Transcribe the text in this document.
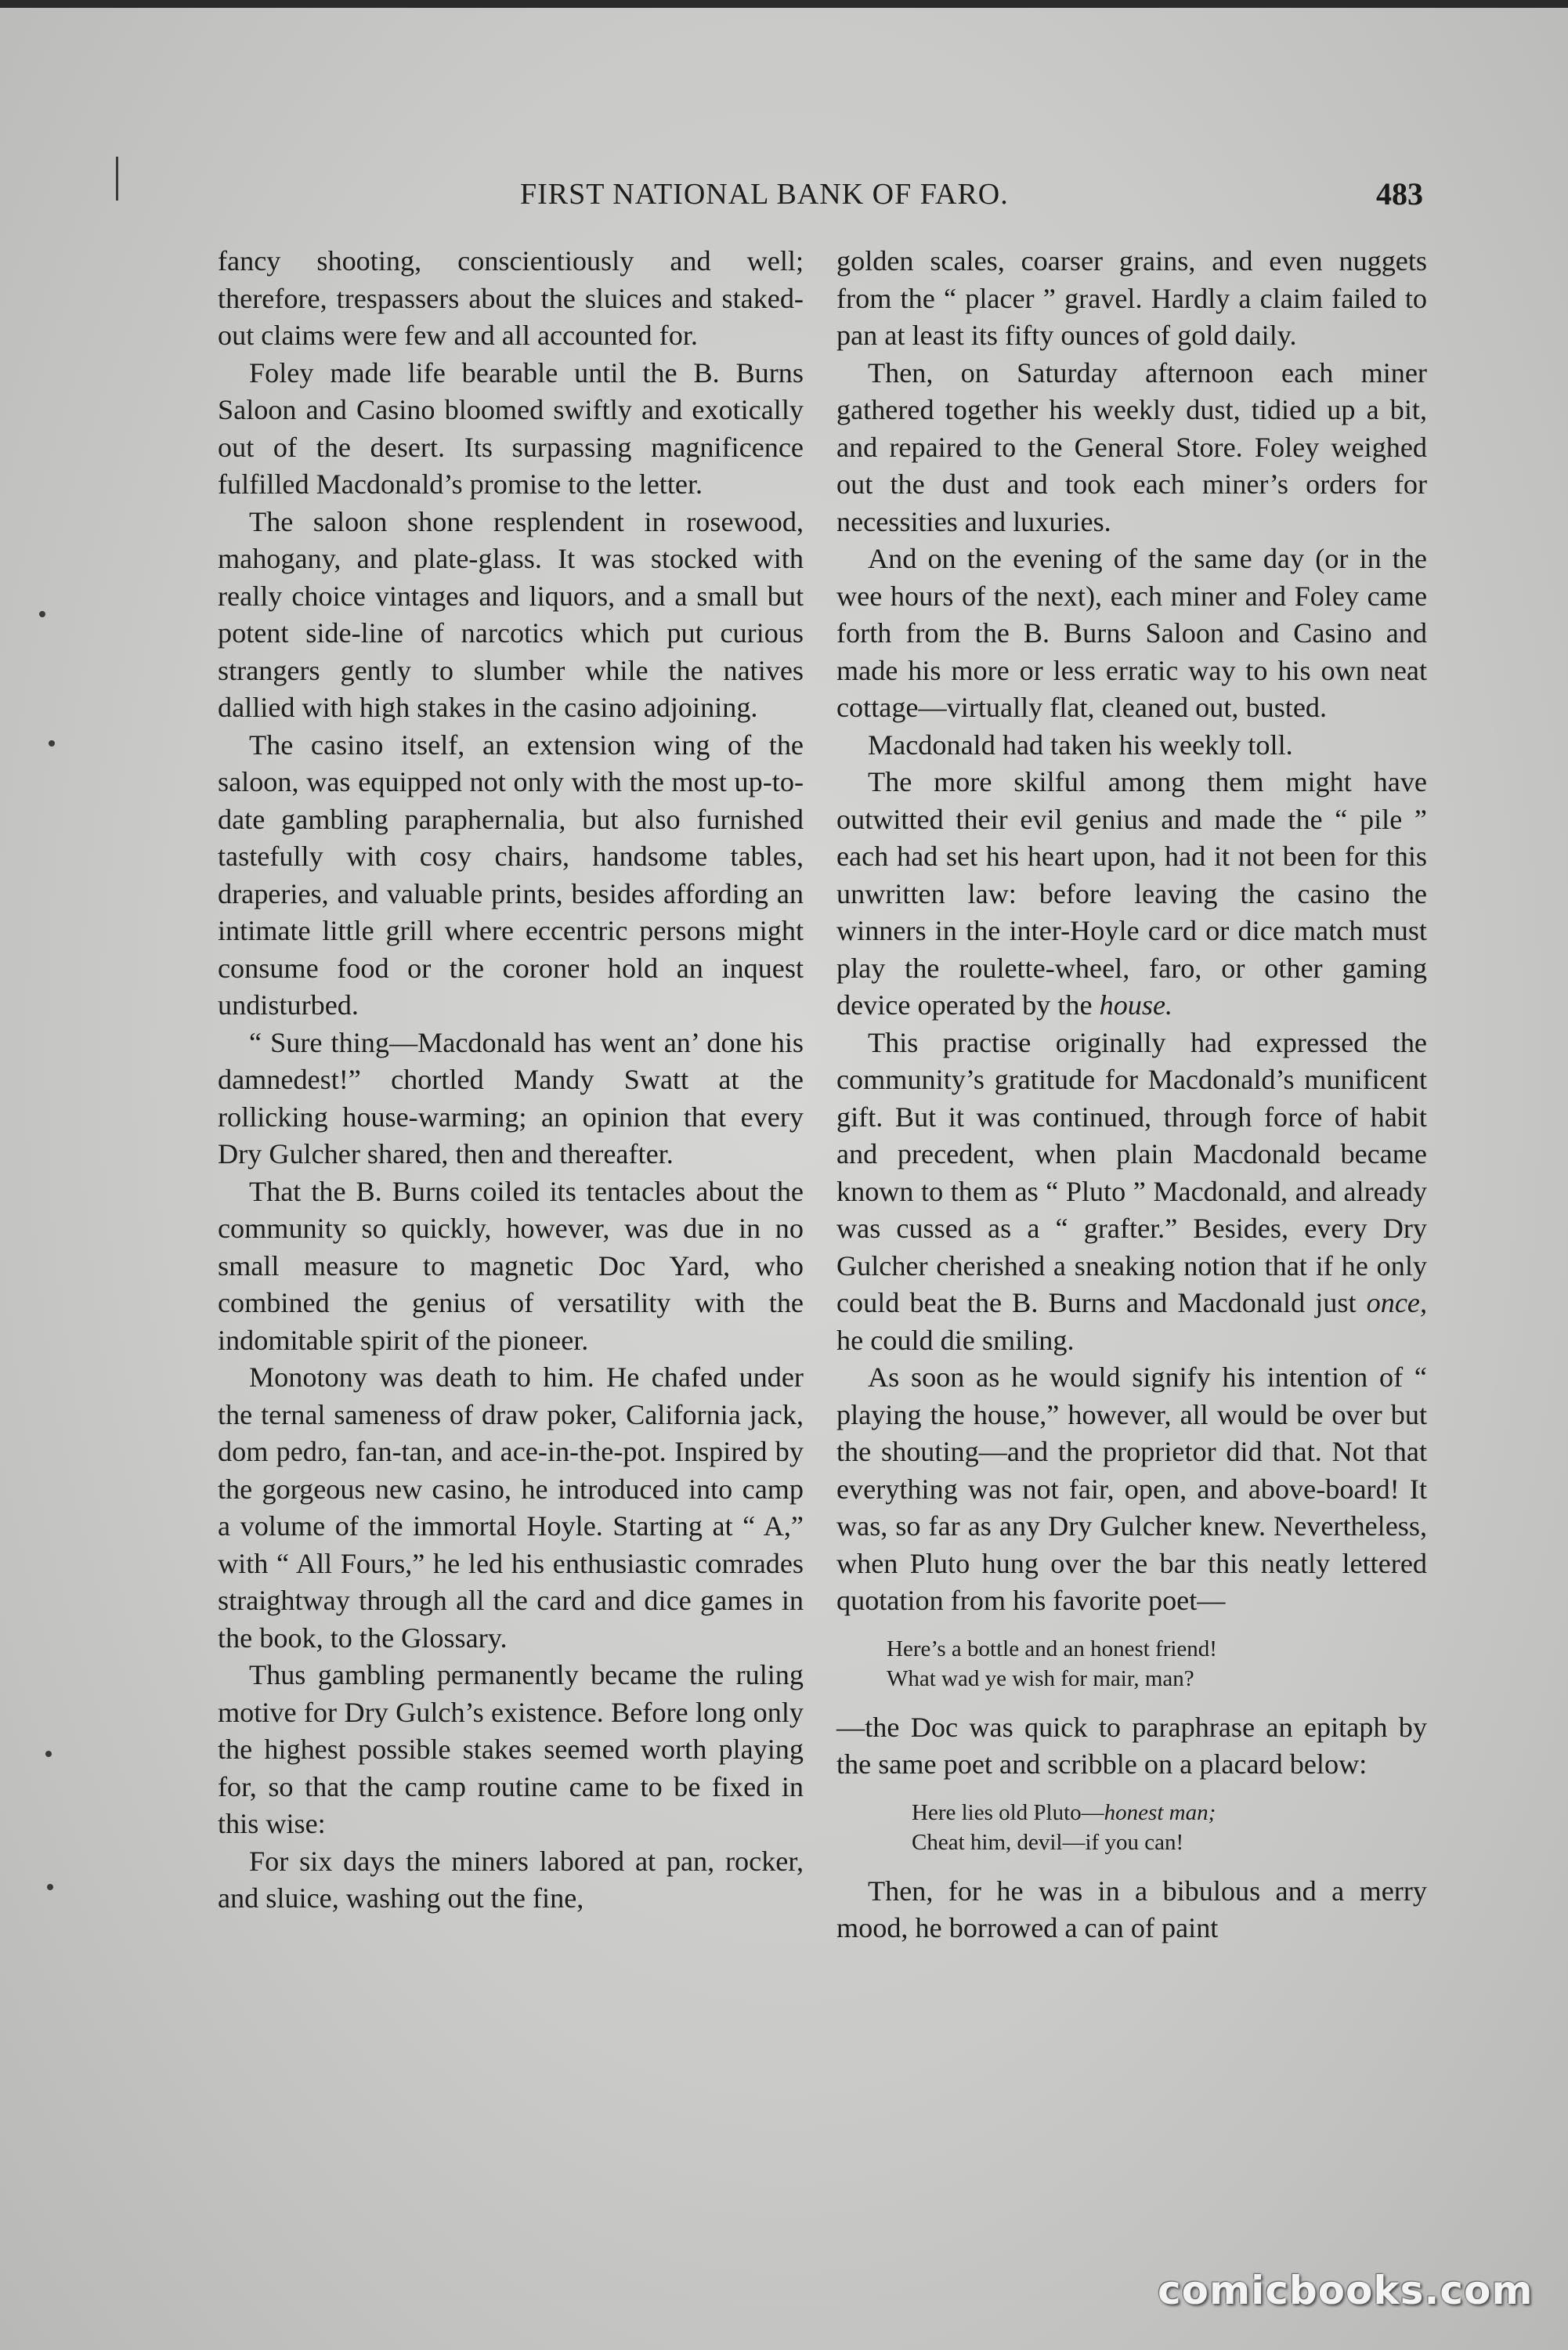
FIRST NATIONAL BANK OF FARO.	483

fancy shooting, conscientiously and well; therefore, trespassers about the sluices and staked-out claims were few and all accounted for.

Foley made life bearable until the B. Burns Saloon and Casino bloomed swiftly and exotically out of the desert. Its surpassing magnificence fulfilled Macdonald’s promise to the letter.

The saloon shone resplendent in rosewood, mahogany, and plate-glass. It was stocked with really choice vintages and liquors, and a small but potent side-line of narcotics which put curious strangers gently to slumber while the natives dallied with high stakes in the casino adjoining.

The casino itself, an extension wing of the saloon, was equipped not only with the most up-to-date gambling paraphernalia, but also furnished tastefully with cosy chairs, handsome tables, draperies, and valuable prints, besides affording an intimate little grill where eccentric persons might consume food or the coroner hold an inquest undisturbed.

“ Sure thing—Macdonald has went an’ done his damnedest!” chortled Mandy Swatt at the rollicking house-warming; an opinion that every Dry Gulcher shared, then and thereafter.

That the B. Burns coiled its tentacles about the community so quickly, however, was due in no small measure to magnetic Doc Yard, who combined the genius of versatility with the indomitable spirit of the pioneer.

Monotony was death to him. He chafed under the ternal sameness of draw poker, California jack, dom pedro, fan-tan, and ace-in-the-pot. Inspired by the gorgeous new casino, he introduced into camp a volume of the immortal Hoyle. Starting at “ A,” with “ All Fours,” he led his enthusiastic comrades straightway through all the card and dice games in the book, to the Glossary.

Thus gambling permanently became the ruling motive for Dry Gulch’s existence. Before long only the highest possible stakes seemed worth playing for, so that the camp routine came to be fixed in this wise:

For six days the miners labored at pan, rocker, and sluice, washing out the fine,

golden scales, coarser grains, and even nuggets from the “ placer ” gravel. Hardly a claim failed to pan at least its fifty ounces of gold daily.

Then, on Saturday afternoon each miner gathered together his weekly dust, tidied up a bit, and repaired to the General Store. Foley weighed out the dust and took each miner’s orders for necessities and luxuries.

And on the evening of the same day (or in the wee hours of the next), each miner and Foley came forth from the B. Burns Saloon and Casino and made his more or less erratic way to his own neat cottage—virtually flat, cleaned out, busted.

Macdonald had taken his weekly toll.

The more skilful among them might have outwitted their evil genius and made the “ pile ” each had set his heart upon, had it not been for this unwritten law: before leaving the casino the winners in the inter-Hoyle card or dice match must play the roulette-wheel, faro, or other gaming device operated by the house.

This practise originally had expressed the community’s gratitude for Macdonald’s munificent gift. But it was continued, through force of habit and precedent, when plain Macdonald became known to them as “ Pluto ” Macdonald, and already was cussed as a “ grafter.” Besides, every Dry Gulcher cherished a sneaking notion that if he only could beat the B. Burns and Macdonald just once, he could die smiling.

As soon as he would signify his intention of “ playing the house,” however, all would be over but the shouting—and the proprietor did that. Not that everything was not fair, open, and above-board! It was, so far as any Dry Gulcher knew. Nevertheless, when Pluto hung over the bar this neatly lettered quotation from his favorite poet—

Here’s a bottle and an honest friend!
What wad ye wish for mair, man?

—the Doc was quick to paraphrase an epitaph by the same poet and scribble on a placard below:

Here lies old Pluto—honest man;
Cheat him, devil—if you can!

Then, for he was in a bibulous and a merry mood, he borrowed a can of paint

comicbooks.com
